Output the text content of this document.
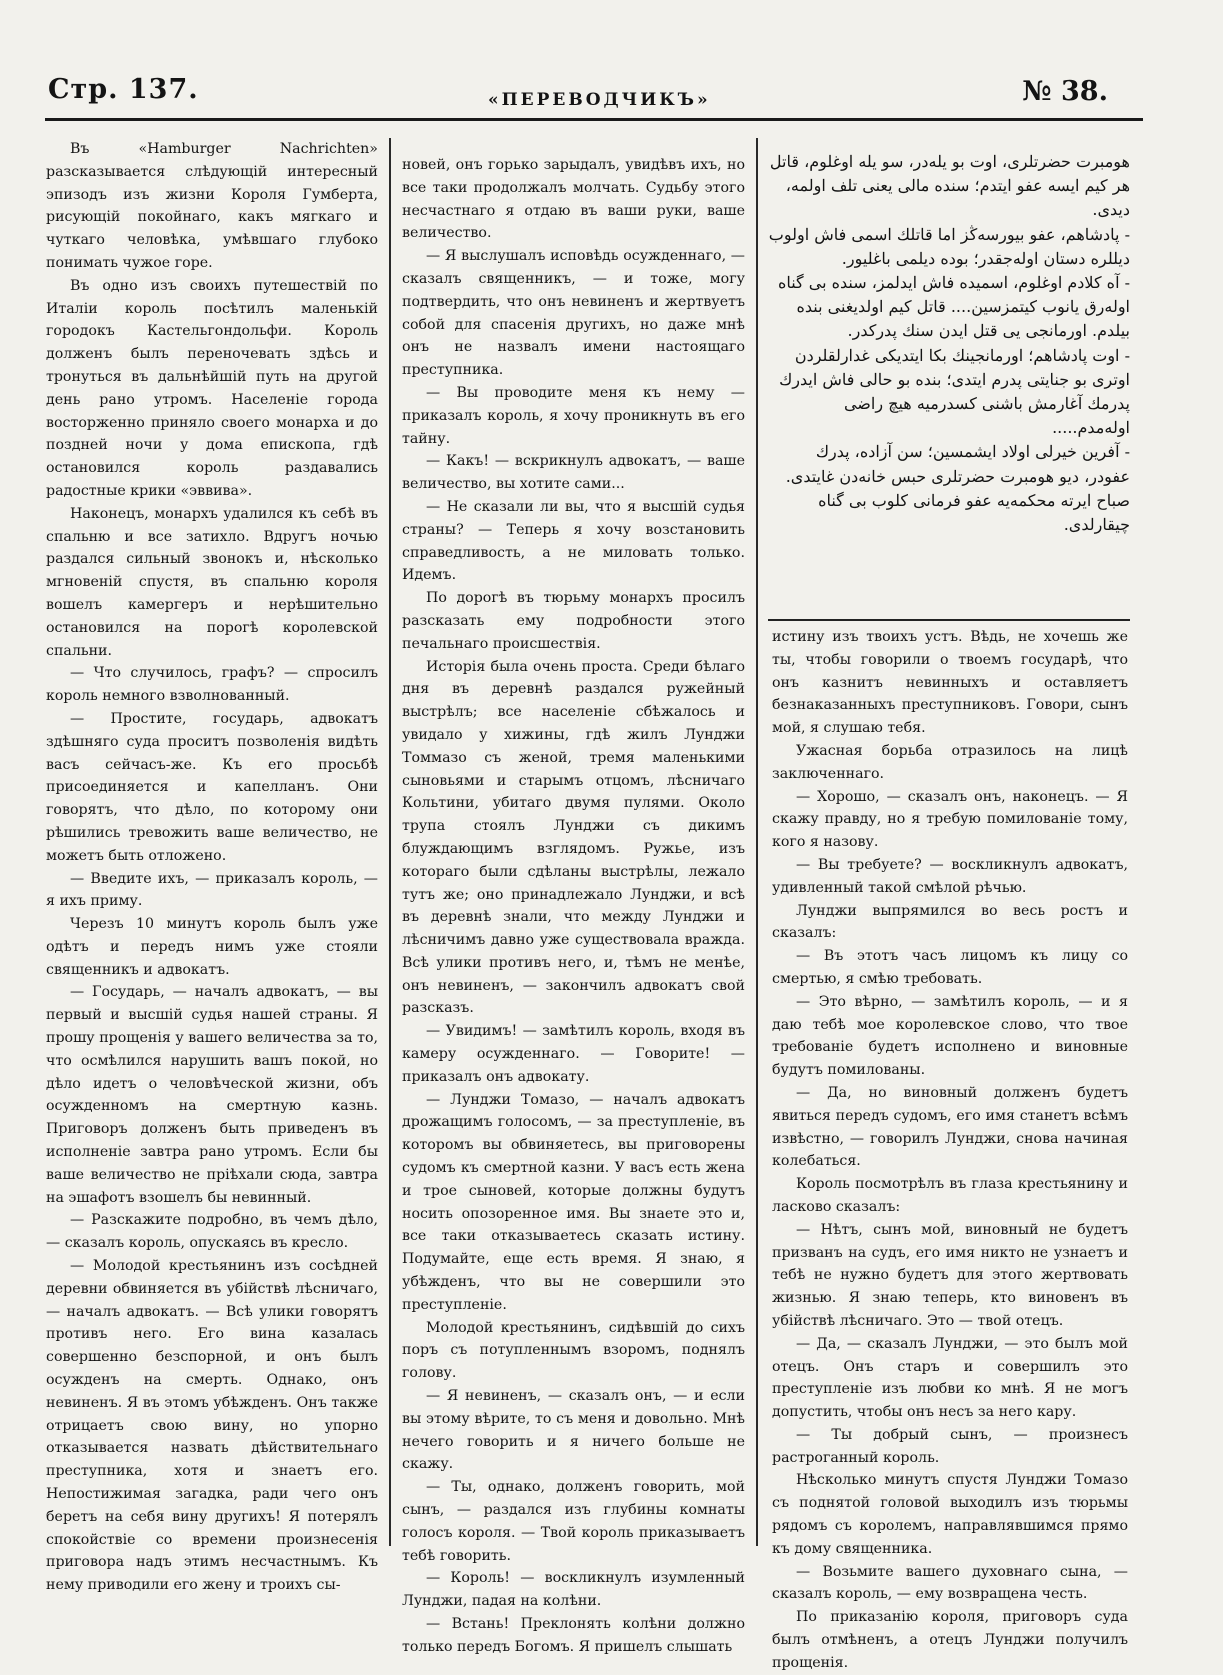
Стр. 137.	«ПЕРЕВОДЧИКЪ»	№ 38.

Въ «Hamburger Nachrichten» разсказывается слѣдующій интересный эпизодъ изъ жизни Короля Гумберта, рисующій покойнаго, какъ мягкаго и чуткаго человѣка, умѣвшаго глубоко понимать чужое горе.

Въ одно изъ своихъ путешествій по Италіи король посѣтилъ маленькій городокъ Кастельгондольфи. Король долженъ былъ переночевать здѣсь и тронуться въ дальнѣйшій путь на другой день рано утромъ. Населеніе города восторженно приняло своего монарха и до поздней ночи у дома епископа, гдѣ остановился король раздавались радостные крики «эввива».

Наконецъ, монархъ удалился къ себѣ въ спальню и все затихло. Вдругъ ночью раздался сильный звонокъ и, нѣсколько мгновеній спустя, въ спальню короля вошелъ камергеръ и нерѣшительно остановился на порогѣ королевской спальни.

— Что случилось, графъ? — спросилъ король немного взволнованный.

— Простите, государь, адвокатъ здѣшняго суда проситъ позволенія видѣть васъ сейчасъ-же. Къ его просьбѣ присоединяется и капелланъ. Они говорятъ, что дѣло, по которому они рѣшились тревожить ваше величество, не можетъ быть отложено.

— Введите ихъ, — приказалъ король, — я ихъ приму.

Черезъ 10 минутъ король былъ уже одѣтъ и передъ нимъ уже стояли священникъ и адвокатъ.

— Государь, — началъ адвокатъ, — вы первый и высшій судья нашей страны. Я прошу прощенія у вашего величества за то, что осмѣлился нарушить вашъ покой, но дѣло идетъ о человѣческой жизни, объ осужденномъ на смертную казнь. Приговоръ долженъ быть приведенъ въ исполненіе завтра рано утромъ. Если бы ваше величество не пріѣхали сюда, завтра на эшафотъ взошелъ бы невинный.

— Разскажите подробно, въ чемъ дѣло, — сказалъ король, опускаясь въ кресло.

— Молодой крестьянинъ изъ сосѣдней деревни обвиняется въ убійствѣ лѣсничаго, — началъ адвокатъ. — Всѣ улики говорятъ противъ него. Его вина казалась совершенно безспорной, и онъ былъ осужденъ на смерть. Однако, онъ невиненъ. Я въ этомъ убѣжденъ. Онъ также отрицаетъ свою вину, но упорно отказывается назвать дѣйствительнаго преступника, хотя и знаетъ его. Непостижимая загадка, ради чего онъ беретъ на себя вину другихъ! Я потерялъ спокойствіе со времени произнесенія приговора надъ этимъ несчастнымъ. Къ нему приводили его жену и троихъ сы-

новей, онъ горько зарыдалъ, увидѣвъ ихъ, но все таки продолжалъ молчать. Судьбу этого несчастнаго я отдаю въ ваши руки, ваше величество.

— Я выслушалъ исповѣдь осужденнаго, — сказалъ священникъ, — и тоже, могу подтвердить, что онъ невиненъ и жертвуетъ собой для спасенія другихъ, но даже мнѣ онъ не назвалъ имени настоящаго преступника.

— Вы проводите меня къ нему — приказалъ король, я хочу проникнуть въ его тайну.

— Какъ! — вскрикнулъ адвокатъ, — ваше величество, вы хотите сами...

— Не сказали ли вы, что я высшій судья страны? — Теперь я хочу возстановить справедливость, а не миловать только. Идемъ.

По дорогѣ въ тюрьму монархъ просилъ разсказать ему подробности этого печальнаго происшествія.

Исторія была очень проста. Среди бѣлаго дня въ деревнѣ раздался ружейный выстрѣлъ; все населеніе сбѣжалось и увидало у хижины, гдѣ жилъ Лунджи Томмазо съ женой, тремя маленькими сыновьями и старымъ отцомъ, лѣсничаго Кольтини, убитаго двумя пулями. Около трупа стоялъ Лунджи съ дикимъ блуждающимъ взглядомъ. Ружье, изъ котораго были сдѣланы выстрѣлы, лежало тутъ же; оно принадлежало Лунджи, и всѣ въ деревнѣ знали, что между Лунджи и лѣсничимъ давно уже существовала вражда. Всѣ улики противъ него, и, тѣмъ не менѣе, онъ невиненъ, — закончилъ адвокатъ свой разсказъ.

— Увидимъ! — замѣтилъ король, входя въ камеру осужденнаго. — Говорите! — приказалъ онъ адвокату.

— Лунджи Томазо, — началъ адвокатъ дрожащимъ голосомъ, — за преступленіе, въ которомъ вы обвиняетесь, вы приговорены судомъ къ смертной казни. У васъ есть жена и трое сыновей, которые должны будутъ носить опозоренное имя. Вы знаете это и, все таки отказываетесь сказать истину. Подумайте, еще есть время. Я знаю, я убѣжденъ, что вы не совершили это преступленіе.

Молодой крестьянинъ, сидѣвшій до сихъ поръ съ потупленнымъ взоромъ, поднялъ голову.

— Я невиненъ, — сказалъ онъ, — и если вы этому вѣрите, то съ меня и довольно. Мнѣ нечего говорить и я ничего больше не скажу.

— Ты, однако, долженъ говорить, мой сынъ, — раздался изъ глубины комнаты голосъ короля. — Твой король приказываетъ тебѣ говорить.

— Король! — воскликнулъ изумленный Лунджи, падая на колѣни.

— Встань! Преклонять колѣни должно только передъ Богомъ. Я пришелъ слышать

هومبرت حضرتلری، اوت بو یلەدر، سو یلە اوغلوم، قاتل هر کیم ایسە عفو ایتدم؛ سندە مالی یعنی تلف اولمە، دیدی.

- پادشاهم، عفو بیورسەڭز اما قاتلك اسمی فاش اولوب دیللرە دستان اولەجقدر؛ بودە دیلمی باغلیور.

- آه کلادم اوغلوم، اسمیدە فاش ایدلمز، سندە بی گناه اولەرق یانوب کیتمزسین.... قاتل کیم اولدیغنی بندە بیلدم. اورمانجی یی قتل ایدن سنك پدرکدر.

- اوت پادشاهم؛ اورمانجینك بکا ایتدیکی غدارلقلردن اوتری بو جنایتی پدرم ایتدی؛ بندە بو حالی فاش ایدرك پدرمك آغارمش باشنی کسدرمیە هیچ راضی اولەمدم.....

- آفرین خیرلی اولاد ایشمسین؛ سن آزادە، پدرك عفودر، دیو هومبرت حضرتلری حبس خانەدن غایتدی. صباح ایرتە محکمەیە عفو فرمانی کلوب بی گناه چیقارلدی.

истину изъ твоихъ устъ. Вѣдь, не хочешь же ты, чтобы говорили о твоемъ государѣ, что онъ казнитъ невинныхъ и оставляетъ безнаказанныхъ преступниковъ. Говори, сынъ мой, я слушаю тебя.

Ужасная борьба отразилось на лицѣ заключеннаго.

— Хорошо, — сказалъ онъ, наконецъ. — Я скажу правду, но я требую помилованіе тому, кого я назову.

— Вы требуете? — воскликнулъ адвокатъ, удивленный такой смѣлой рѣчью.

Лунджи выпрямился во весь ростъ и сказалъ:

— Въ этотъ часъ лицомъ къ лицу со смертью, я смѣю требовать.

— Это вѣрно, — замѣтилъ король, — и я даю тебѣ мое королевское слово, что твое требованіе будетъ исполнено и виновные будутъ помилованы.

— Да, но виновный долженъ будетъ явиться передъ судомъ, его имя станетъ всѣмъ извѣстно, — говорилъ Лунджи, снова начиная колебаться.

Король посмотрѣлъ въ глаза крестьянину и ласково сказалъ:

— Нѣтъ, сынъ мой, виновный не будетъ призванъ на судъ, его имя никто не узнаетъ и тебѣ не нужно будетъ для этого жертвовать жизнью. Я знаю теперь, кто виновенъ въ убійствѣ лѣсничаго. Это — твой отецъ.

— Да, — сказалъ Лунджи, — это былъ мой отецъ. Онъ старъ и совершилъ это преступленіе изъ любви ко мнѣ. Я не могъ допустить, чтобы онъ несъ за него кару.

— Ты добрый сынъ, — произнесъ растроганный король.

Нѣсколько минутъ спустя Лунджи Томазо съ поднятой головой выходилъ изъ тюрьмы рядомъ съ королемъ, направлявшимся прямо къ дому священника.

— Возьмите вашего духовнаго сына, — сказалъ король, — ему возвращена честь.

По приказанію короля, приговоръ суда былъ отмѣненъ, а отецъ Лунджи получилъ прощенія.
